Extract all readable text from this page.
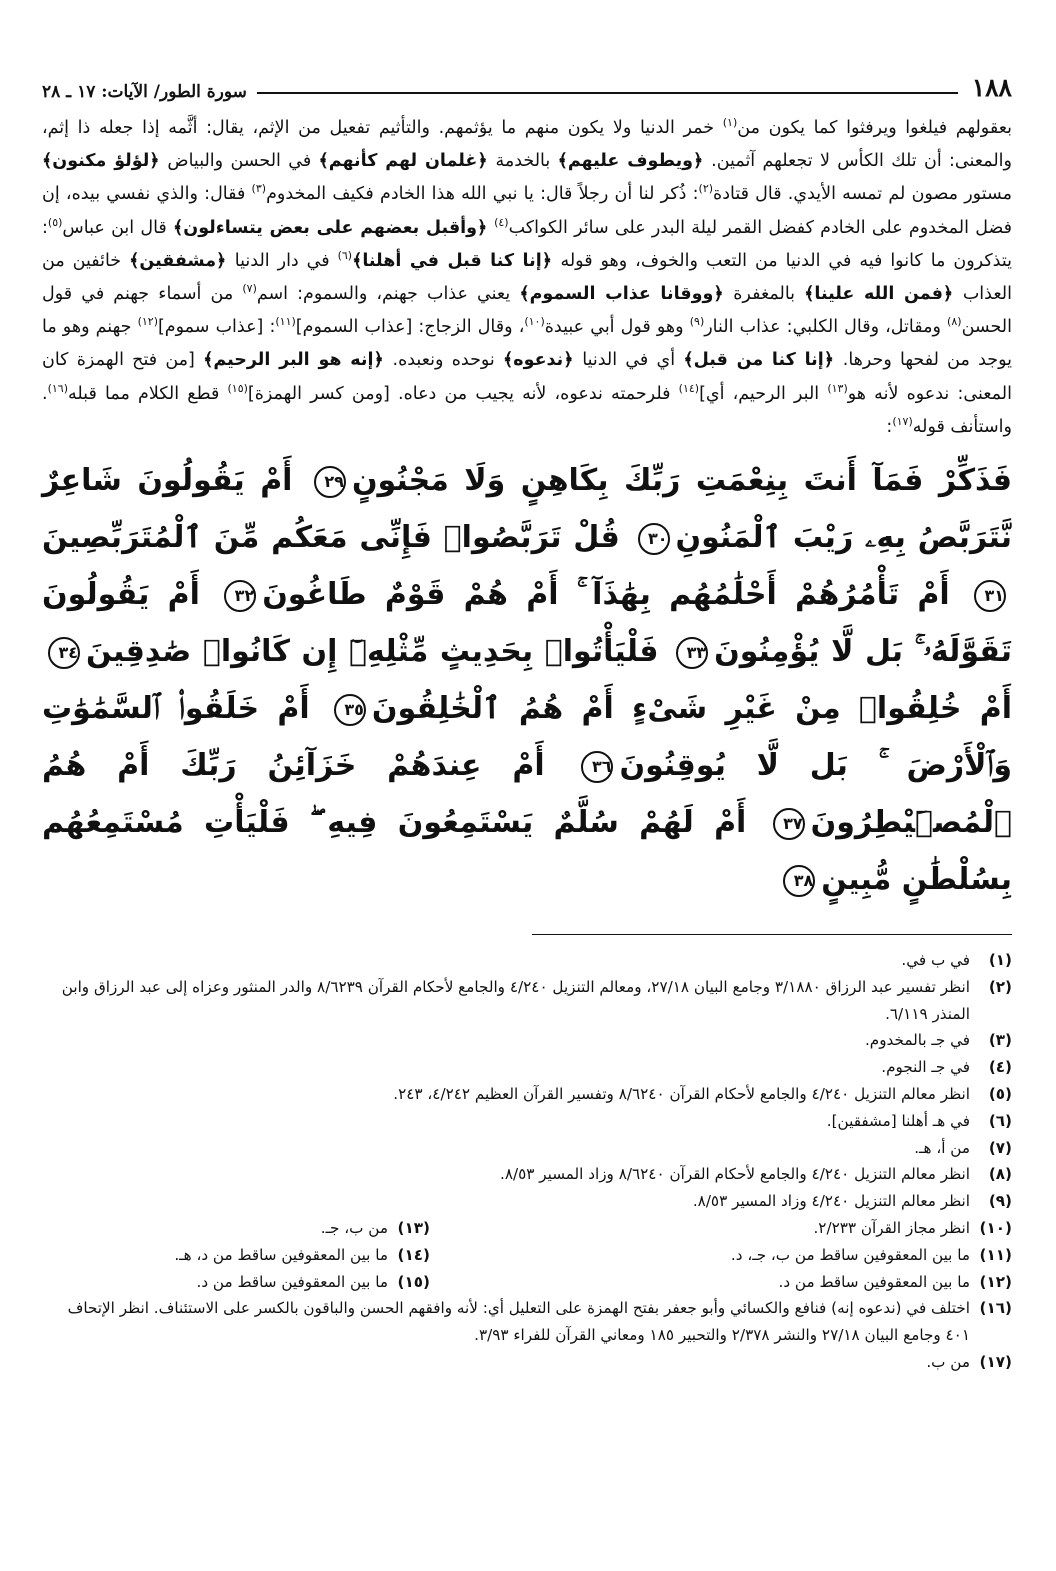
١٨٨
سورة الطور/ الآيات: ١٧ ـ ٢٨

بعقولهم فيلغوا ويرفثوا كما يكون من$^{(١)}$ خمر الدنيا ولا يكون منهم ما يؤثمهم. والتأثيم تفعيل من الإثم، يقال: أثَّمه إذا جعله ذا إثم، والمعنى: أن تلك الكأس لا تجعلهم آثمين. ﴿ويطوف عليهم﴾ بالخدمة ﴿غلمان لهم كأنهم﴾ في الحسن والبياض ﴿لؤلؤ مكنون﴾ مستور مصون لم تمسه الأيدي. قال قتادة$^{(٢)}$: ذُكر لنا أن رجلاً قال: يا نبي الله هذا الخادم فكيف المخدوم$^{(٣)}$ فقال: والذي نفسي بيده، إن فضل المخدوم على الخادم كفضل القمر ليلة البدر على سائر الكواكب$^{(٤)}$ ﴿وأقبل بعضهم على بعض يتساءلون﴾ قال ابن عباس$^{(٥)}$: يتذكرون ما كانوا فيه في الدنيا من التعب والخوف، وهو قوله ﴿إنا كنا قبل في أهلنا﴾$^{(٦)}$ في دار الدنيا ﴿مشفقين﴾ خائفين من العذاب ﴿فمن الله علينا﴾ بالمغفرة ﴿ووقانا عذاب السموم﴾ يعني عذاب جهنم، والسموم: اسم$^{(٧)}$ من أسماء جهنم في قول الحسن$^{(٨)}$ ومقاتل، وقال الكلبي: عذاب النار$^{(٩)}$ وهو قول أبي عبيدة$^{(١٠)}$، وقال الزجاج: [عذاب السموم]$^{(١١)}$: [عذاب سموم]$^{(١٢)}$ جهنم وهو ما يوجد من لفحها وحرها. ﴿إنا كنا من قبل﴾ أي في الدنيا ﴿ندعوه﴾ نوحده ونعبده. ﴿إنه هو البر الرحيم﴾ [من فتح الهمزة كان المعنى: ندعوه لأنه هو$^{(١٣)}$ البر الرحيم، أي]$^{(١٤)}$ فلرحمته ندعوه، لأنه يجيب من دعاه. [ومن كسر الهمزة]$^{(١٥)}$ قطع الكلام مما قبله$^{(١٦)}$. واستأنف قوله$^{(١٧)}$:

فَذَكِّرْ فَمَآ أَنتَ بِنِعْمَتِ رَبِّكَ بِكَاهِنٍ وَلَا مَجْنُونٍ٢٩ أَمْ يَقُولُونَ شَاعِرٌ نَّتَرَبَّصُ بِهِۦ رَيْبَ ٱلْمَنُونِ٣٠ قُلْ تَرَبَّصُوا۟ فَإِنِّى مَعَكُم مِّنَ ٱلْمُتَرَبِّصِينَ٣١ أَمْ تَأْمُرُهُمْ أَحْلَٰمُهُم بِهَٰذَآ ۚ أَمْ هُمْ قَوْمٌ طَاغُونَ٣٢ أَمْ يَقُولُونَ تَقَوَّلَهُۥ ۚ بَل لَّا يُؤْمِنُونَ٣٣ فَلْيَأْتُوا۟ بِحَدِيثٍ مِّثْلِهِۦٓ إِن كَانُوا۟ صَٰدِقِينَ٣٤ أَمْ خُلِقُوا۟ مِنْ غَيْرِ شَىْءٍ أَمْ هُمُ ٱلْخَٰلِقُونَ٣٥ أَمْ خَلَقُوا۟ ٱلسَّمَٰوَٰتِ وَٱلْأَرْضَ ۚ بَل لَّا يُوقِنُونَ٣٦ أَمْ عِندَهُمْ خَزَآئِنُ رَبِّكَ أَمْ هُمُ ٱلْمُصَۣيْطِرُونَ٣٧ أَمْ لَهُمْ سُلَّمٌ يَسْتَمِعُونَ فِيهِ ۖ فَلْيَأْتِ مُسْتَمِعُهُم بِسُلْطَٰنٍ مُّبِينٍ٣٨
(١)
في ب في.
(٢)
انظر تفسير عبد الرزاق ٣/١٨٨٠ وجامع البيان ٢٧/١٨، ومعالم التنزيل ٤/٢٤٠ والجامع لأحكام القرآن ٨/٦٢٣٩ والدر المنثور وعزاه إلى عبد الرزاق وابن المنذر ٦/١١٩.
(٣)
في جـ بالمخدوم.
(٤)
في جـ النجوم.
(٥)
انظر معالم التنزيل ٤/٢٤٠ والجامع لأحكام القرآن ٨/٦٢٤٠ وتفسير القرآن العظيم ٤/٢٤٢، ٢٤٣.
(٦)
في هـ أهلنا [مشفقين].
(٧)
من أ، هـ.
(٨)
انظر معالم التنزيل ٤/٢٤٠ والجامع لأحكام القرآن ٨/٦٢٤٠ وزاد المسير ٨/٥٣.
(٩)
انظر معالم التنزيل ٤/٢٤٠ وزاد المسير ٨/٥٣.
(١٠)
انظر مجاز القرآن ٢/٢٣٣.
(١٣)
من ب، جـ.
(١١)
ما بين المعقوفين ساقط من ب، جـ، د.
(١٤)
ما بين المعقوفين ساقط من د، هـ.
(١٢)
ما بين المعقوفين ساقط من د.
(١٥)
ما بين المعقوفين ساقط من د.
(١٦)
اختلف في (ندعوه إنه) فنافع والكسائي وأبو جعفر بفتح الهمزة على التعليل أي: لأنه وافقهم الحسن والباقون بالكسر على الاستئناف. انظر الإتحاف ٤٠١ وجامع البيان ٢٧/١٨ والنشر ٢/٣٧٨ والتحبير ١٨٥ ومعاني القرآن للفراء ٣/٩٣.
(١٧)
من ب.
